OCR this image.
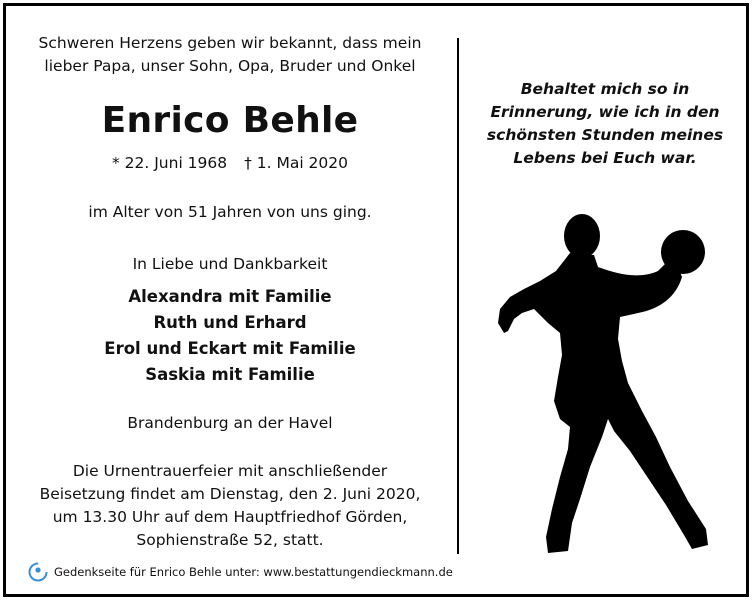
Schweren Herzens geben wir bekannt, dass mein
lieber Papa, unser Sohn, Opa, Bruder und Onkel
Enrico Behle
* 22. Juni 1968 † 1. Mai 2020
im Alter von 51 Jahren von uns ging.
In Liebe und Dankbarkeit
Alexandra mit Familie
Ruth und Erhard
Erol und Eckart mit Familie
Saskia mit Familie
Brandenburg an der Havel
Die Urnentrauerfeier mit anschließender
Beisetzung findet am Dienstag, den 2. Juni 2020,
um 13.30 Uhr auf dem Hauptfriedhof Görden,
Sophienstraße 52, statt.
Behaltet mich so in
Erinnerung, wie ich in den
schönsten Stunden meines
Lebens bei Euch war.
Gedenkseite für Enrico Behle unter: www.bestattungendieckmann.de
